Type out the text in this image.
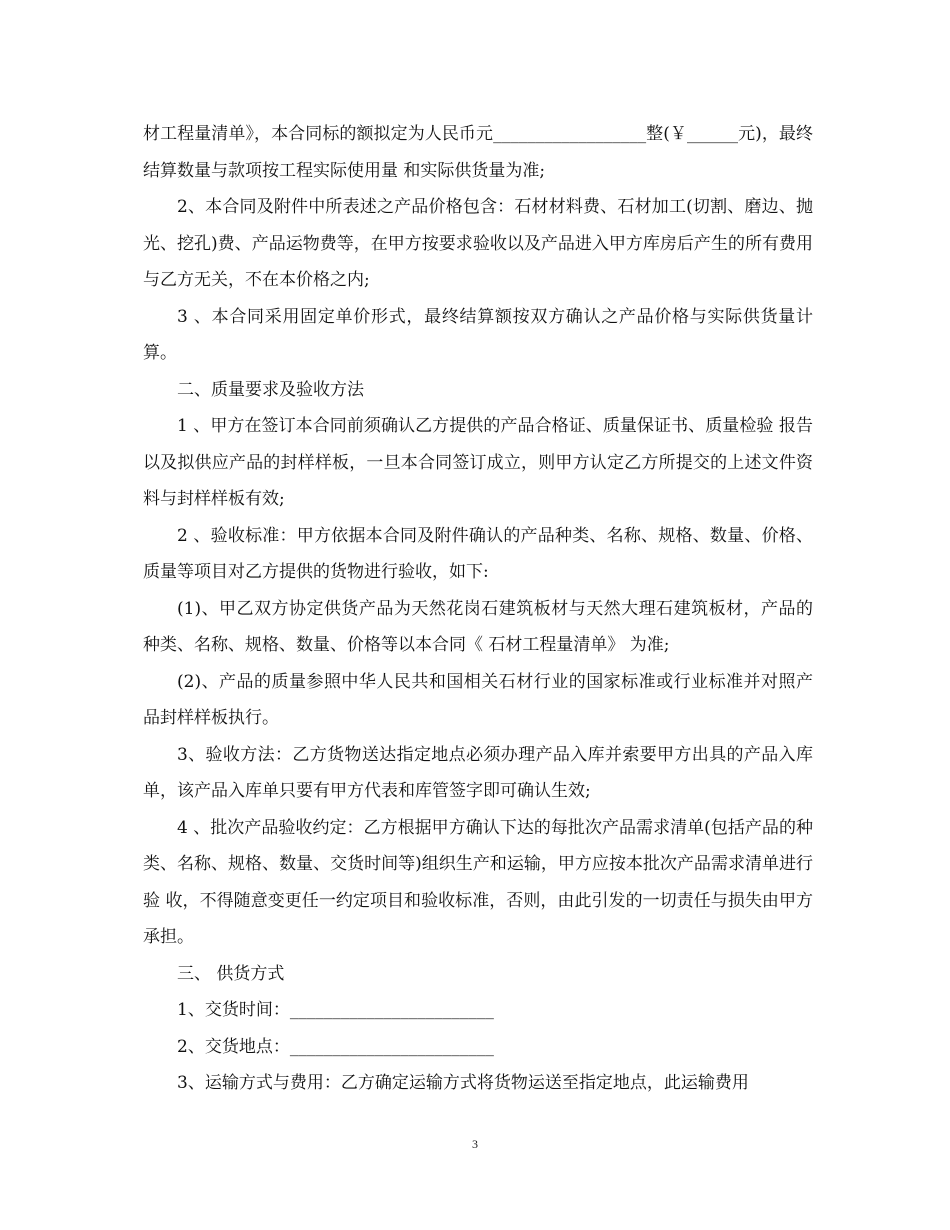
材工程量清单》，本合同标的额拟定为人民币元__________________整(￥______元)，最终结算数量与款项按工程实际使用量 和实际供货量为准;

2、本合同及附件中所表述之产品价格包含：石材材料费、石材加工(切割、磨边、抛光、挖孔)费、产品运物费等，在甲方按要求验收以及产品进入甲方库房后产生的所有费用与乙方无关，不在本价格之内;

3 、本合同采用固定单价形式，最终结算额按双方确认之产品价格与实际供货量计算。

二、质量要求及验收方法

1 、甲方在签订本合同前须确认乙方提供的产品合格证、质量保证书、质量检验 报告以及拟供应产品的封样样板，一旦本合同签订成立，则甲方认定乙方所提交的上述文件资料与封样样板有效;

2 、验收标准：甲方依据本合同及附件确认的产品种类、名称、规格、数量、价格、质量等项目对乙方提供的货物进行验收，如下:

(1)、甲乙双方协定供货产品为天然花岗石建筑板材与天然大理石建筑板材，产品的种类、名称、规格、数量、价格等以本合同《 石材工程量清单》 为准;

(2)、产品的质量参照中华人民共和国相关石材行业的国家标准或行业标准并对照产品封样样板执行。

3、验收方法：乙方货物送达指定地点必须办理产品入库并索要甲方出具的产品入库单，该产品入库单只要有甲方代表和库管签字即可确认生效;

4 、批次产品验收约定：乙方根据甲方确认下达的每批次产品需求清单(包括产品的种类、名称、规格、数量、交货时间等)组织生产和运输，甲方应按本批次产品需求清单进行验 收，不得随意变更任一约定项目和验收标准，否则，由此引发的一切责任与损失由甲方承担。

三、 供货方式

1、交货时间：________________________

2、交货地点：________________________

3、运输方式与费用：乙方确定运输方式将货物运送至指定地点，此运输费用

3
